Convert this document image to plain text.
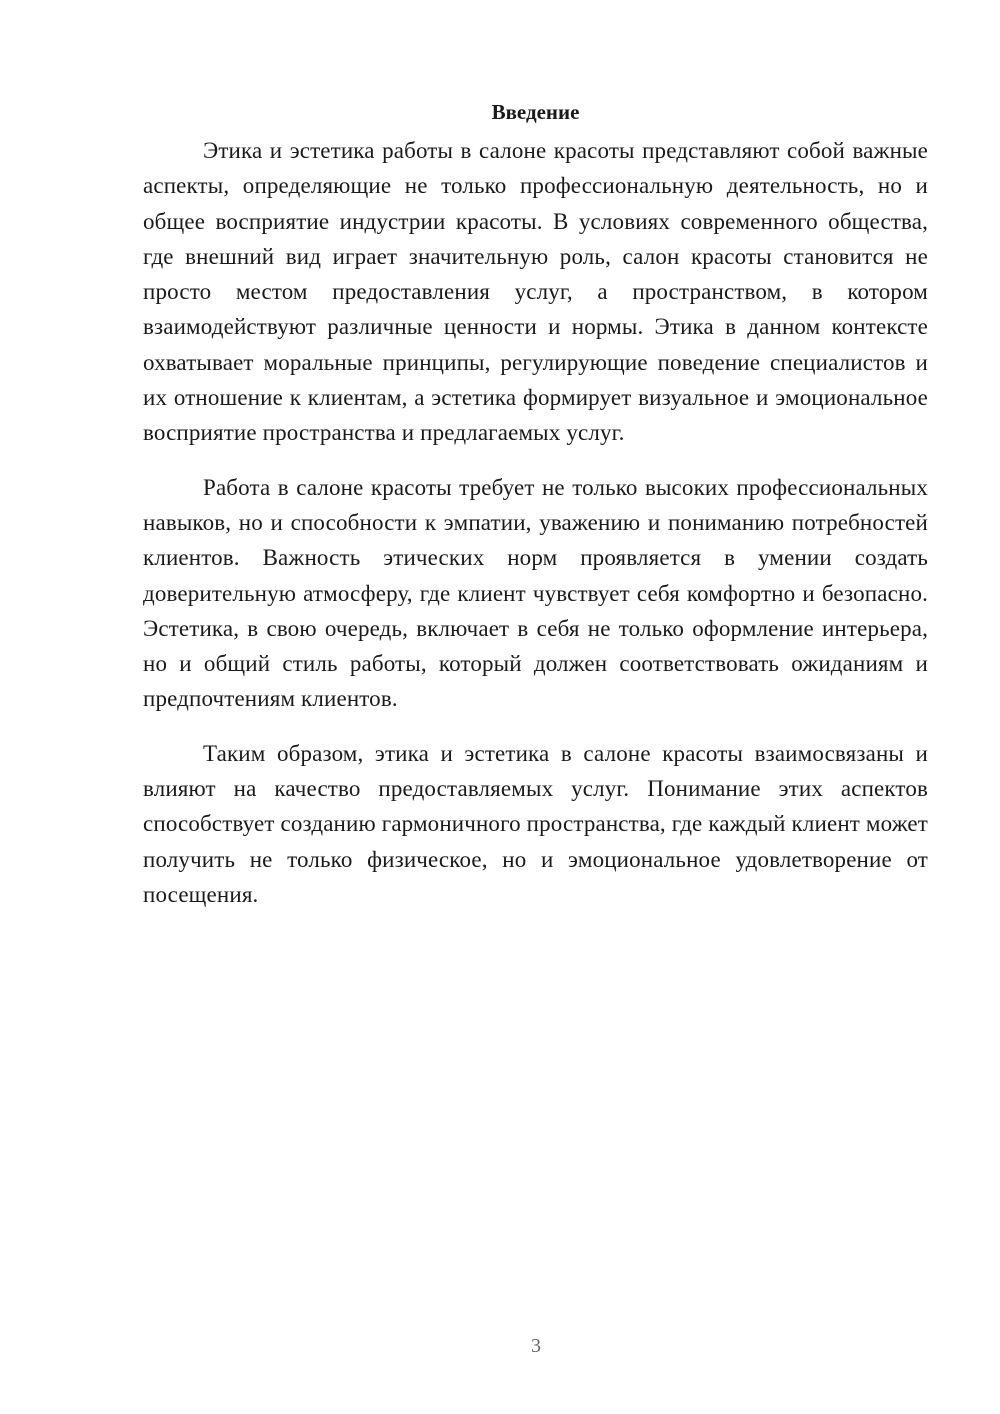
Введение

Этика и эстетика работы в салоне красоты представляют собой важные аспекты, определяющие не только профессиональную деятельность, но и общее восприятие индустрии красоты. В условиях современного общества, где внешний вид играет значительную роль, салон красоты становится не просто местом предоставления услуг, а пространством, в котором взаимодействуют различные ценности и нормы. Этика в данном контексте охватывает моральные принципы, регулирующие поведение специалистов и их отношение к клиентам, а эстетика формирует визуальное и эмоциональное восприятие пространства и предлагаемых услуг.

Работа в салоне красоты требует не только высоких профессиональных навыков, но и способности к эмпатии, уважению и пониманию потребностей клиентов. Важность этических норм проявляется в умении создать доверительную атмосферу, где клиент чувствует себя комфортно и безопасно. Эстетика, в свою очередь, включает в себя не только оформление интерьера, но и общий стиль работы, который должен соответствовать ожиданиям и предпочтениям клиентов.

Таким образом, этика и эстетика в салоне красоты взаимосвязаны и влияют на качество предоставляемых услуг. Понимание этих аспектов способствует созданию гармоничного пространства, где каждый клиент может получить не только физическое, но и эмоциональное удовлетворение от посещения.

3
